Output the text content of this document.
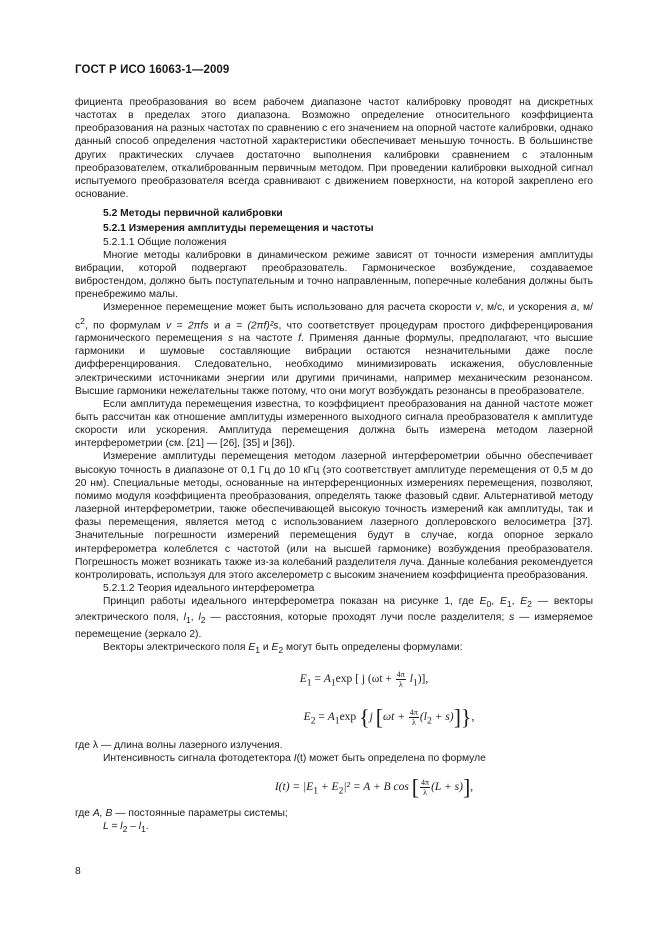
ГОСТ Р ИСО 16063-1—2009

фициента преобразования во всем рабочем диапазоне частот калибровку проводят на дискретных частотах в пределах этого диапазона. Возможно определение относительного коэффициента преобразования на разных частотах по сравнению с его значением на опорной частоте калибровки, однако данный способ определения частотной характеристики обеспечивает меньшую точность. В большинстве других практических случаев достаточно выполнения калибровки сравнением с эталонным преобразователем, откалиброванным первичным методом. При проведении калибровки выходной сигнал испытуемого преобразователя всегда сравнивают с движением поверхности, на которой закреплено его основание.

5.2 Методы первичной калибровки

5.2.1 Измерения амплитуды перемещения и частоты

5.2.1.1 Общие положения

Многие методы калибровки в динамическом режиме зависят от точности измерения амплитуды вибрации, которой подвергают преобразователь. Гармоническое возбуждение, создаваемое вибростендом, должно быть поступательным и точно направленным, поперечные колебания должны быть пренебрежимо малы.

Измеренное перемещение может быть использовано для расчета скорости v, м/с, и ускорения a, $м/с^2$, по формулам v = 2πfs и a = (2πf)²s, что соответствует процедурам простого дифференцирования гармонического перемещения s на частоте f. Применяя данные формулы, предполагают, что высшие гармоники и шумовые составляющие вибрации остаются незначительными даже после дифференцирования. Следовательно, необходимо минимизировать искажения, обусловленные электрическими источниками энергии или другими причинами, например механическим резонансом. Высшие гармоники нежелательны также потому, что они могут возбуждать резонансы в преобразователе.

Если амплитуда перемещения известна, то коэффициент преобразования на данной частоте может быть рассчитан как отношение амплитуды измеренного выходного сигнала преобразователя к амплитуде скорости или ускорения. Амплитуда перемещения должна быть измерена методом лазерной интерферометрии (см. [21] — [26], [35] и [36]).

Измерение амплитуды перемещения методом лазерной интерферометрии обычно обеспечивает высокую точность в диапазоне от 0,1 Гц до 10 кГц (это соответствует амплитуде перемещения от 0,5 м до 20 нм). Специальные методы, основанные на интерференционных измерениях перемещения, позволяют, помимо модуля коэффициента преобразования, определять также фазовый сдвиг. Альтернативой методу лазерной интерферометрии, также обеспечивающей высокую точность измерений как амплитуды, так и фазы перемещения, является метод с использованием лазерного доплеровского велосиметра [37]. Значительные погрешности измерений перемещения будут в случае, когда опорное зеркало интерферометра колеблется с частотой (или на высшей гармонике) возбуждения преобразователя. Погрешность может возникать также из-за колебаний разделителя луча. Данные колебания рекомендуется контролировать, используя для этого акселерометр с высоким значением коэффициента преобразования.

5.2.1.2 Теория идеального интерферометра

Принцип работы идеального интерферометра показан на рисунке 1, где $E_0$, $E_1$, $E_2$ — векторы электрического поля, $l_1$, $l_2$ — расстояния, которые проходят лучи после разделителя; s — измеряемое перемещение (зеркало 2).

Векторы электрического поля $E_1$ и $E_2$ могут быть определены формулами:

$E_1 = A_1\exp$ [ j $(\omega t + \frac{4\pi}{\lambda} l_1)$],
$E_2 = A_1\exp$ {j $[\omega t + \frac{4\pi}{\lambda} (l_2 + s)]$},

где λ — длина волны лазерного излучения.

Интенсивность сигнала фотодетектора I(t) может быть определена по формуле

$I(t) = |E_1 + E_2|^2 = A + B$ cos [ $\frac{4\pi}{\lambda} (L + s)$],

где A, B — постоянные параметры системы;

$L = l_2 - l_1$.

8
